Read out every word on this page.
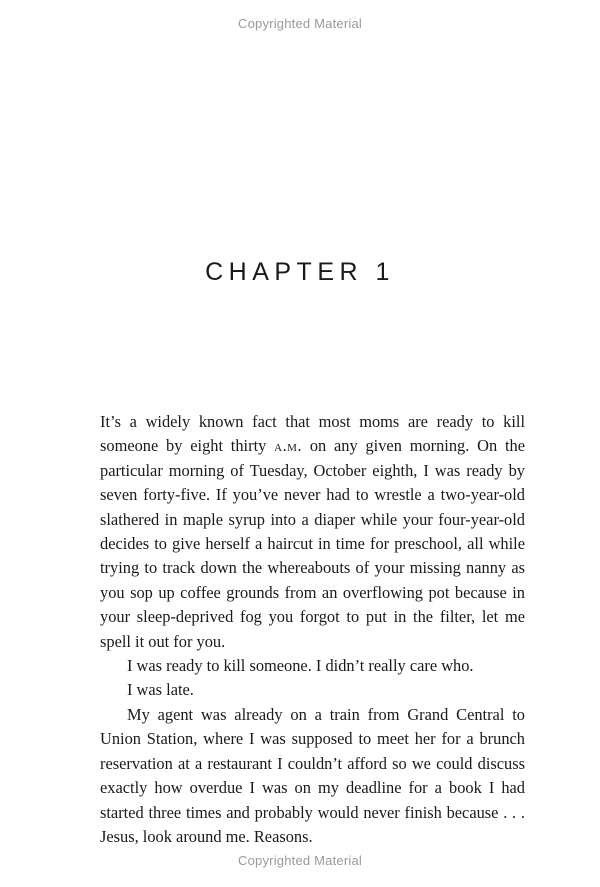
Copyrighted Material
CHAPTER 1

It’s a widely known fact that most moms are ready to kill someone by eight thirty a.m. on any given morning. On the particular morning of Tuesday, October eighth, I was ready by seven forty-five. If you’ve never had to wrestle a two-year-old slathered in maple syrup into a diaper while your four-year-old decides to give herself a haircut in time for preschool, all while trying to track down the whereabouts of your missing nanny as you sop up coffee grounds from an overflowing pot because in your sleep-deprived fog you forgot to put in the filter, let me spell it out for you.

I was ready to kill someone. I didn’t really care who.

I was late.

My agent was already on a train from Grand Central to Union Station, where I was supposed to meet her for a brunch reservation at a restaurant I couldn’t afford so we could discuss exactly how overdue I was on my deadline for a book I had started three times and probably would never finish because . . . Jesus, look around me. Reasons.

Copyrighted Material
